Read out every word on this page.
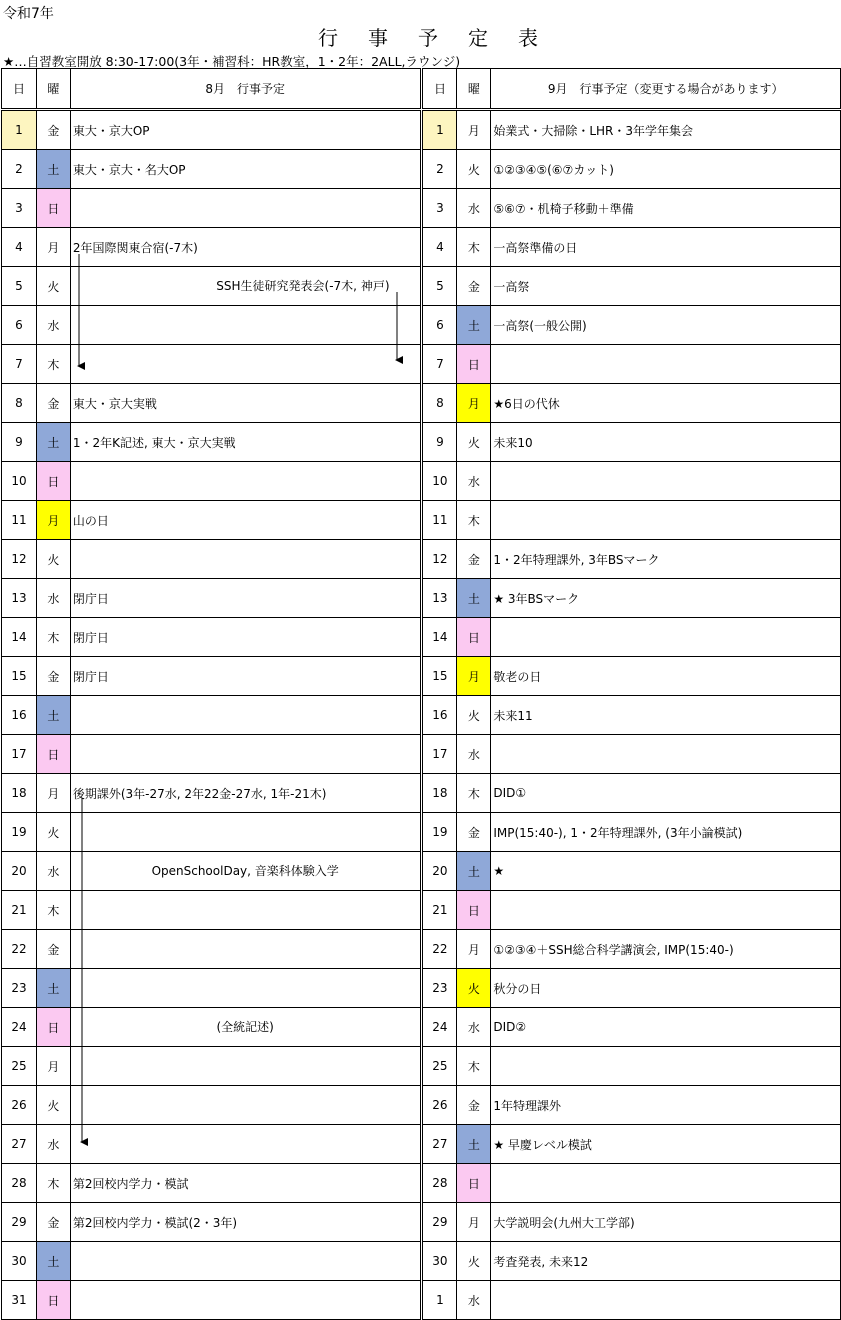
令和7年
行事予定表
★…自習教室開放 8:30-17:00(3年・補習科：HR教室，1・2年：2ALL,ラウンジ)
日	曜	8月　行事予定		日	曜	9月　行事予定（変更する場合があります）
1	金	東大・京大OP		1	月	始業式・大掃除・LHR・3年学年集会
2	土	東大・京大・名大OP		2	火	①②③④⑤(⑥⑦カット)
3	日			3	水	⑤⑥⑦・机椅子移動＋準備
4	月	2年国際関東合宿(-7木)		4	木	一高祭準備の日
5	火	SSH生徒研究発表会(-7木, 神戸)		5	金	一高祭
6	水			6	土	一高祭(一般公開)
7	木			7	日	
8	金	東大・京大実戦		8	月	★6日の代休
9	土	1・2年K記述, 東大・京大実戦		9	火	未来10
10	日			10	水	
11	月	山の日		11	木	
12	火			12	金	1・2年特理課外, 3年BSマーク
13	水	閉庁日		13	土	★ 3年BSマーク
14	木	閉庁日		14	日	
15	金	閉庁日		15	月	敬老の日
16	土			16	火	未来11
17	日			17	水	
18	月	後期課外(3年-27水, 2年22金-27水, 1年-21木)		18	木	DID①
19	火			19	金	IMP(15:40-), 1・2年特理課外, (3年小論模試)
20	水	OpenSchoolDay, 音楽科体験入学		20	土	★
21	木			21	日	
22	金			22	月	①②③④＋SSH総合科学講演会, IMP(15:40-)
23	土			23	火	秋分の日
24	日	(全統記述)		24	水	DID②
25	月			25	木	
26	火			26	金	1年特理課外
27	水			27	土	★ 早慶レベル模試
28	木	第2回校内学力・模試		28	日	
29	金	第2回校内学力・模試(2・3年)		29	月	大学説明会(九州大工学部)
30	土			30	火	考査発表, 未来12
31	日			1	水	
